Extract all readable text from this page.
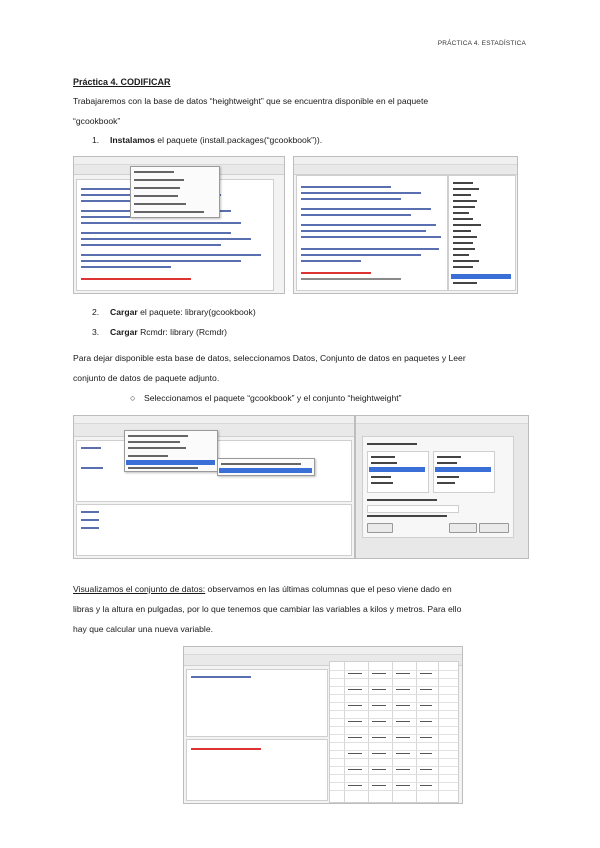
PRÁCTICA 4. ESTADÍSTICA
Práctica 4. CODIFICAR
Trabajaremos con la base de datos “heightweight” que se encuentra disponible en el paquete
“gcookbook”
1. Instalamos el paquete (install.packages(“gcookbook”)).
2. Cargar el paquete: library(gcookbook)
3. Cargar Rcmdr: library (Rcmdr)
Para dejar disponible esta base de datos, seleccionamos Datos, Conjunto de datos en paquetes y Leer
conjunto de datos de paquete adjunto.
○ Seleccionamos el paquete “gcookbook” y el conjunto “heightweight”
Visualizamos el conjunto de datos: observamos en las últimas columnas que el peso viene dado en
libras y la altura en pulgadas, por lo que tenemos que cambiar las variables a kilos y metros. Para ello
hay que calcular una nueva variable.
